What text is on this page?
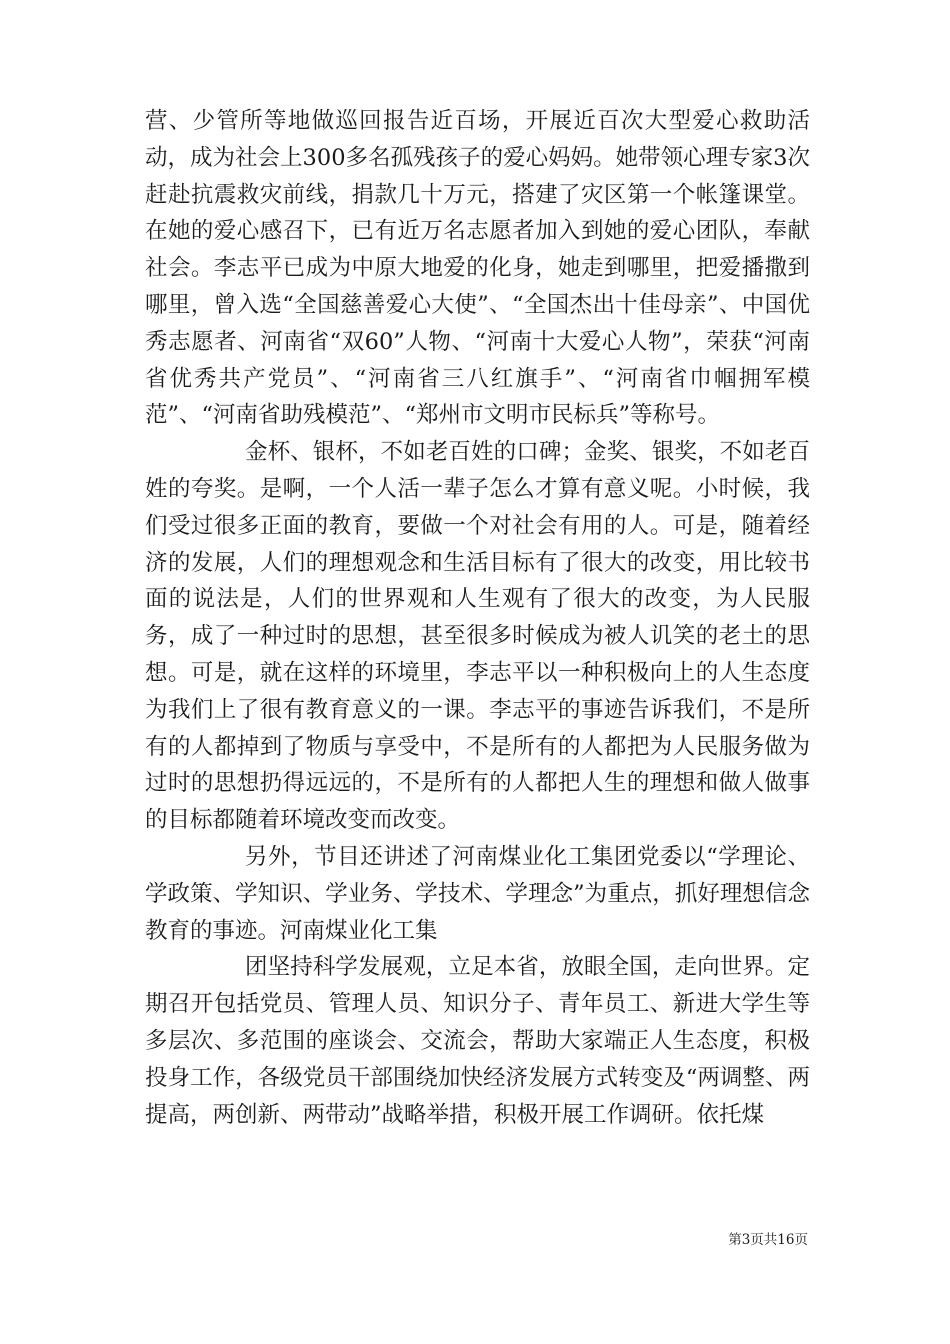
营、少管所等地做巡回报告近百场，开展近百次大型爱心救助活动，成为社会上300多名孤残孩子的爱心妈妈。她带领心理专家3次赶赴抗震救灾前线，捐款几十万元，搭建了灾区第一个帐篷课堂。在她的爱心感召下，已有近万名志愿者加入到她的爱心团队，奉献社会。李志平已成为中原大地爱的化身，她走到哪里，把爱播撒到哪里，曾入选“全国慈善爱心大使”、“全国杰出十佳母亲”、中国优秀志愿者、河南省“双60”人物、“河南十大爱心人物”，荣获“河南省优秀共产党员”、“河南省三八红旗手”、“河南省巾帼拥军模范”、“河南省助残模范”、“郑州市文明市民标兵”等称号。

金杯、银杯，不如老百姓的口碑；金奖、银奖，不如老百姓的夸奖。是啊，一个人活一辈子怎么才算有意义呢。小时候，我们受过很多正面的教育，要做一个对社会有用的人。可是，随着经济的发展，人们的理想观念和生活目标有了很大的改变，用比较书面的说法是，人们的世界观和人生观有了很大的改变，为人民服务，成了一种过时的思想，甚至很多时候成为被人讥笑的老土的思想。可是，就在这样的环境里，李志平以一种积极向上的人生态度为我们上了很有教育意义的一课。李志平的事迹告诉我们，不是所有的人都掉到了物质与享受中，不是所有的人都把为人民服务做为过时的思想扔得远远的，不是所有的人都把人生的理想和做人做事的目标都随着环境改变而改变。

另外，节目还讲述了河南煤业化工集团党委以“学理论、学政策、学知识、学业务、学技术、学理念”为重点，抓好理想信念教育的事迹。河南煤业化工集

团坚持科学发展观，立足本省，放眼全国，走向世界。定期召开包括党员、管理人员、知识分子、青年员工、新进大学生等多层次、多范围的座谈会、交流会，帮助大家端正人生态度，积极投身工作，各级党员干部围绕加快经济发展方式转变及“两调整、两提高，两创新、两带动”战略举措，积极开展工作调研。依托煤

第3页共16页
